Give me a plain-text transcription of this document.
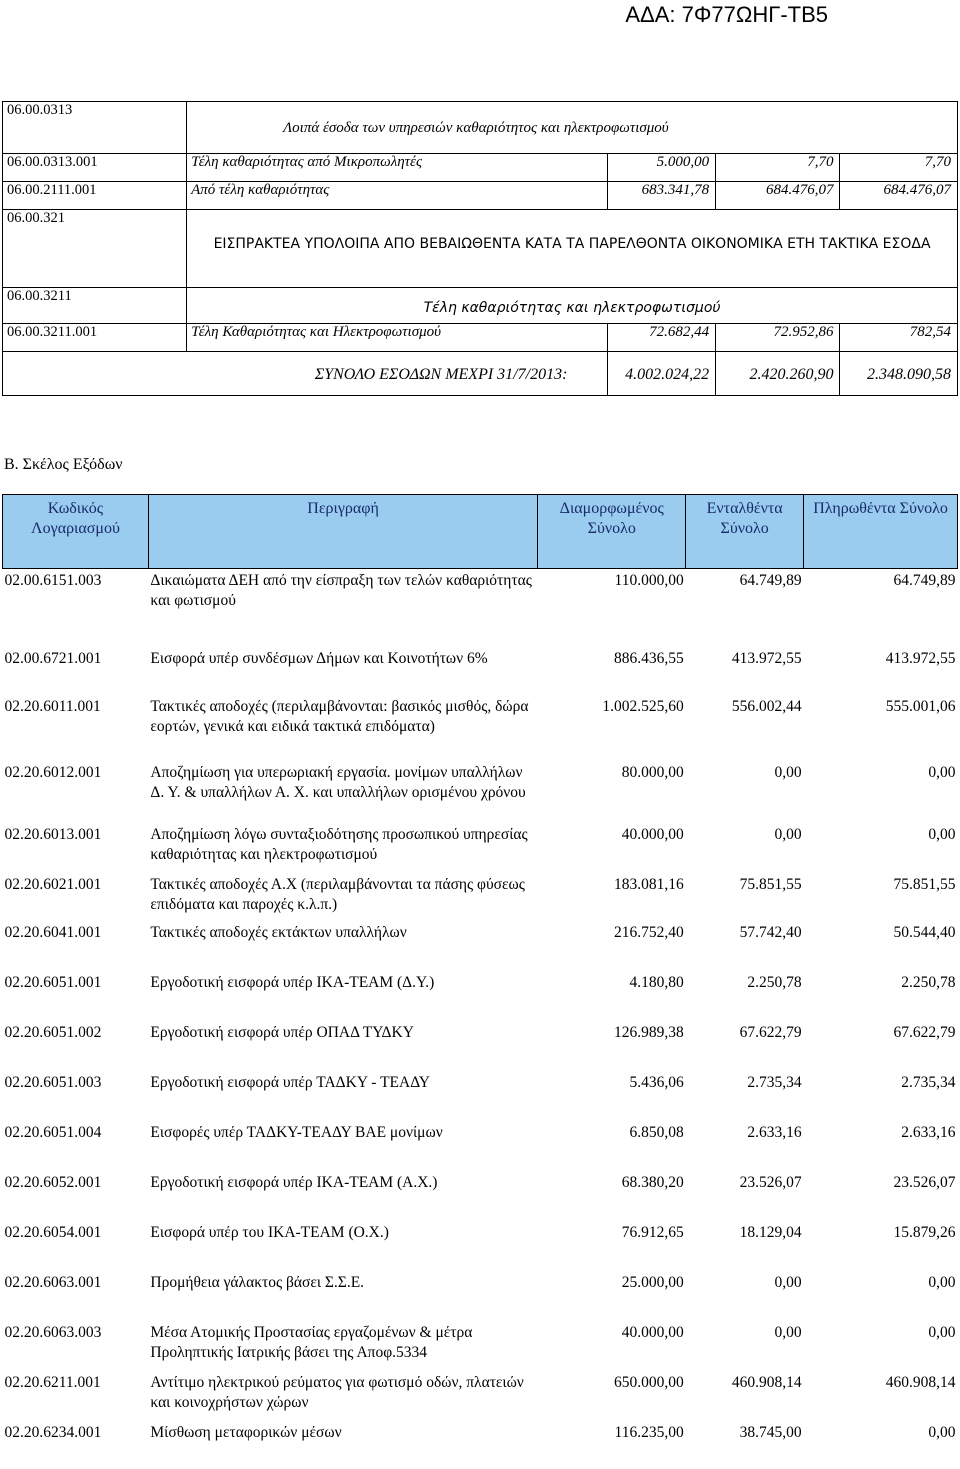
ΑΔΑ: 7Φ77ΩΗΓ-ΤΒ5
06.00.0313	Λοιπά έσοδα των υπηρεσιών καθαριότητος και ηλεκτροφωτισμού			
06.00.0313.001	Τέλη καθαριότητας από Μικροπωλητές	5.000,00	7,70	7,70
06.00.2111.001	Από τέλη καθαριότητας	683.341,78	684.476,07	684.476,07
06.00.321	ΕΙΣΠΡΑΚΤΕΑ ΥΠΟΛΟΙΠΑ ΑΠΟ ΒΕΒΑΙΩΘΕΝΤΑ ΚΑΤΑ ΤΑ ΠΑΡΕΛΘΟΝΤΑ ΟΙΚΟΝΟΜΙΚΑ ΕΤΗ ΤΑΚΤΙΚΑ ΕΣΟΔΑ			
06.00.3211	Τέλη καθαριότητας και ηλεκτροφωτισμού			
06.00.3211.001	Τέλη Καθαριότητας και Ηλεκτροφωτισμού	72.682,44	72.952,86	782,54
ΣΥΝΟΛΟ ΕΣΟΔΩΝ ΜΕΧΡΙ 31/7/2013:		4.002.024,22	2.420.260,90	2.348.090,58
Β. Σκέλος Εξόδων
Κωδικός Λογαριασμού	Περιγραφή	Διαμορφωμένος Σύνολο	Ενταλθέντα Σύνολο	Πληρωθέντα Σύνολο
02.00.6151.003	Δικαιώματα ΔΕΗ από την είσπραξη των τελών καθαριότητας και φωτισμού	110.000,00	64.749,89	64.749,89
02.00.6721.001	Εισφορά υπέρ συνδέσμων Δήμων και Κοινοτήτων 6%	886.436,55	413.972,55	413.972,55
02.20.6011.001	Τακτικές αποδοχές (περιλαμβάνονται: βασικός μισθός, δώρα εορτών, γενικά και ειδικά τακτικά επιδόματα)	1.002.525,60	556.002,44	555.001,06
02.20.6012.001	Αποζημίωση για υπερωριακή εργασία. μονίμων υπαλλήλων Δ. Υ. & υπαλλήλων Α. Χ. και υπαλλήλων ορισμένου χρόνου	80.000,00	0,00	0,00
02.20.6013.001	Αποζημίωση λόγω συνταξιοδότησης προσωπικού υπηρεσίας καθαριότητας και ηλεκτροφωτισμού	40.000,00	0,00	0,00
02.20.6021.001	Τακτικές αποδοχές Α.Χ (περιλαμβάνονται τα πάσης φύσεως επιδόματα και παροχές κ.λ.π.)	183.081,16	75.851,55	75.851,55
02.20.6041.001	Τακτικές αποδοχές εκτάκτων υπαλλήλων	216.752,40	57.742,40	50.544,40
02.20.6051.001	Εργοδοτική εισφορά υπέρ ΙΚΑ-ΤΕΑΜ (Δ.Υ.)	4.180,80	2.250,78	2.250,78
02.20.6051.002	Εργοδοτική εισφορά υπέρ ΟΠΑΔ ΤΥΔΚΥ	126.989,38	67.622,79	67.622,79
02.20.6051.003	Εργοδοτική εισφορά υπέρ ΤΑΔΚΥ - ΤΕΑΔΥ	5.436,06	2.735,34	2.735,34
02.20.6051.004	Εισφορές υπέρ ΤΑΔΚΥ-ΤΕΑΔΥ ΒΑΕ μονίμων	6.850,08	2.633,16	2.633,16
02.20.6052.001	Εργοδοτική εισφορά υπέρ ΙΚΑ-ΤΕΑΜ (Α.Χ.)	68.380,20	23.526,07	23.526,07
02.20.6054.001	Εισφορά υπέρ του ΙΚΑ-ΤΕΑΜ (Ο.Χ.)	76.912,65	18.129,04	15.879,26
02.20.6063.001	Προμήθεια γάλακτος βάσει Σ.Σ.Ε.	25.000,00	0,00	0,00
02.20.6063.003	Μέσα Ατομικής Προστασίας εργαζομένων & μέτρα Προληπτικής Ιατρικής βάσει της Αποφ.5334	40.000,00	0,00	0,00
02.20.6211.001	Αντίτιμο ηλεκτρικού ρεύματος για φωτισμό οδών, πλατειών και κοινοχρήστων χώρων	650.000,00	460.908,14	460.908,14
02.20.6234.001	Μίσθωση μεταφορικών μέσων	116.235,00	38.745,00	0,00
